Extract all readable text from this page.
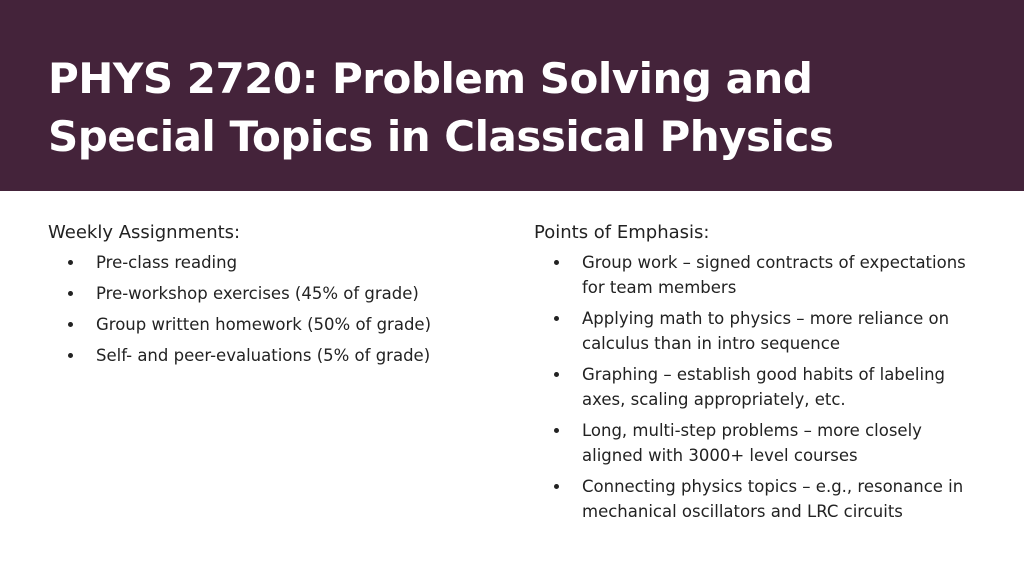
PHYS 2720: Problem Solving and Special Topics in Classical Physics
Weekly Assignments:
Pre-class reading
Pre-workshop exercises (45% of grade)
Group written homework (50% of grade)
Self- and peer-evaluations (5% of grade)
Points of Emphasis:
Group work – signed contracts of expectations for team members
Applying math to physics – more reliance on calculus than in intro sequence
Graphing – establish good habits of labeling axes, scaling appropriately, etc.
Long, multi-step problems – more closely aligned with 3000+ level courses
Connecting physics topics – e.g., resonance in mechanical oscillators and LRC circuits
